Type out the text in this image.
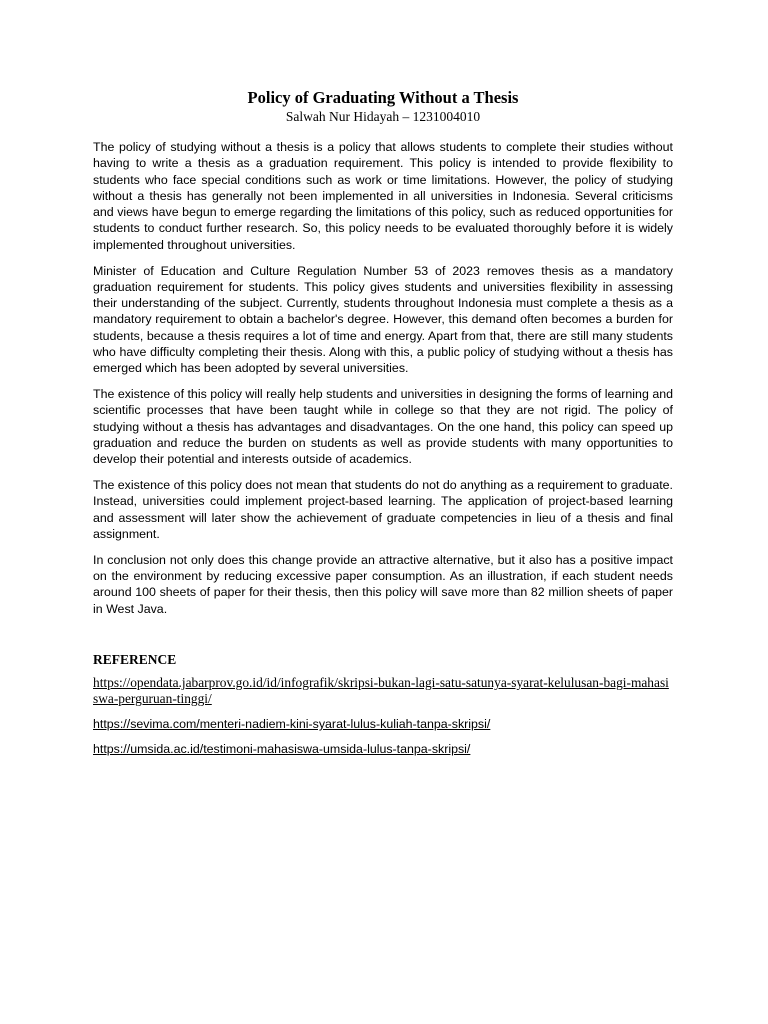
Policy of Graduating Without a Thesis

Salwah Nur Hidayah – 1231004010

The policy of studying without a thesis is a policy that allows students to complete their studies without having to write a thesis as a graduation requirement. This policy is intended to provide flexibility to students who face special conditions such as work or time limitations. However, the policy of studying without a thesis has generally not been implemented in all universities in Indonesia. Several criticisms and views have begun to emerge regarding the limitations of this policy, such as reduced opportunities for students to conduct further research. So, this policy needs to be evaluated thoroughly before it is widely implemented throughout universities.

Minister of Education and Culture Regulation Number 53 of 2023 removes thesis as a mandatory graduation requirement for students. This policy gives students and universities flexibility in assessing their understanding of the subject. Currently, students throughout Indonesia must complete a thesis as a mandatory requirement to obtain a bachelor's degree. However, this demand often becomes a burden for students, because a thesis requires a lot of time and energy. Apart from that, there are still many students who have difficulty completing their thesis. Along with this, a public policy of studying without a thesis has emerged which has been adopted by several universities.

The existence of this policy will really help students and universities in designing the forms of learning and scientific processes that have been taught while in college so that they are not rigid. The policy of studying without a thesis has advantages and disadvantages. On the one hand, this policy can speed up graduation and reduce the burden on students as well as provide students with many opportunities to develop their potential and interests outside of academics.

The existence of this policy does not mean that students do not do anything as a requirement to graduate. Instead, universities could implement project-based learning. The application of project-based learning and assessment will later show the achievement of graduate competencies in lieu of a thesis and final assignment.

In conclusion not only does this change provide an attractive alternative, but it also has a positive impact on the environment by reducing excessive paper consumption. As an illustration, if each student needs around 100 sheets of paper for their thesis, then this policy will save more than 82 million sheets of paper in West Java.

REFERENCE
https://opendata.jabarprov.go.id/id/infografik/skripsi-bukan-lagi-satu-satunya-syarat-kelulusan-bagi-mahasiswa-perguruan-tinggi/
https://sevima.com/menteri-nadiem-kini-syarat-lulus-kuliah-tanpa-skripsi/
https://umsida.ac.id/testimoni-mahasiswa-umsida-lulus-tanpa-skripsi/
